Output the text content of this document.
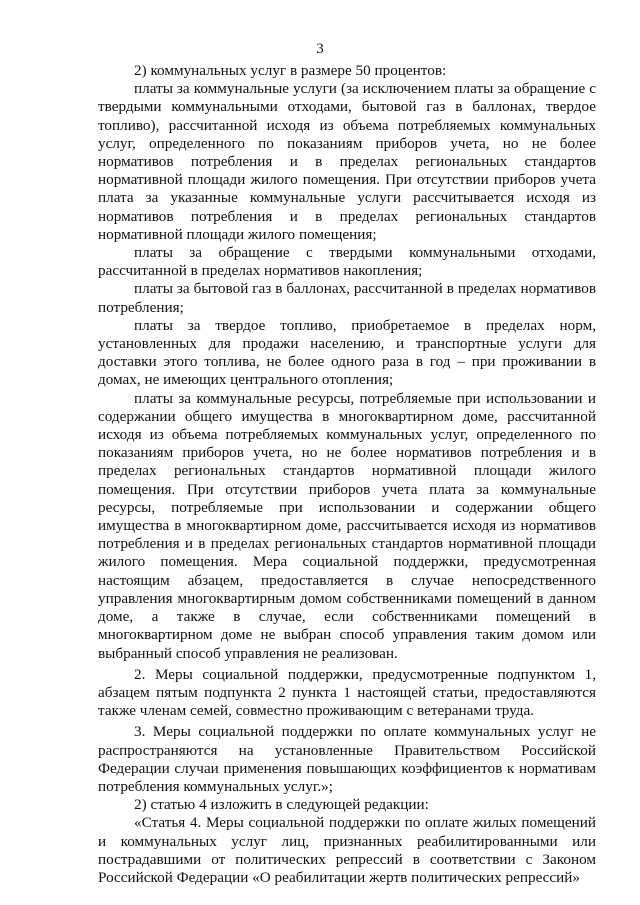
3

2) коммунальных услуг в размере 50 процентов:

платы за коммунальные услуги (за исключением платы за обращение с твердыми коммунальными отходами, бытовой газ в баллонах, твердое топливо), рассчитанной исходя из объема потребляемых коммунальных услуг, определенного по показаниям приборов учета, но не более нормативов потребления и в пределах региональных стандартов нормативной площади жилого помещения. При отсутствии приборов учета плата за указанные коммунальные услуги рассчитывается исходя из нормативов потребления и в пределах региональных стандартов нормативной площади жилого помещения;

платы за обращение с твердыми коммунальными отходами, рассчитанной в пределах нормативов накопления;

платы за бытовой газ в баллонах, рассчитанной в пределах нормативов потребления;

платы за твердое топливо, приобретаемое в пределах норм, установленных для продажи населению, и транспортные услуги для доставки этого топлива, не более одного раза в год – при проживании в домах, не имеющих центрального отопления;

платы за коммунальные ресурсы, потребляемые при использовании и содержании общего имущества в многоквартирном доме, рассчитанной исходя из объема потребляемых коммунальных услуг, определенного по показаниям приборов учета, но не более нормативов потребления и в пределах региональных стандартов нормативной площади жилого помещения. При отсутствии приборов учета плата за коммунальные ресурсы, потребляемые при использовании и содержании общего имущества в многоквартирном доме, рассчитывается исходя из нормативов потребления и в пределах региональных стандартов нормативной площади жилого помещения. Мера социальной поддержки, предусмотренная настоящим абзацем, предоставляется в случае непосредственного управления многоквартирным домом собственниками помещений в данном доме, а также в случае, если собственниками помещений в многоквартирном доме не выбран способ управления таким домом или выбранный способ управления не реализован.

2. Меры социальной поддержки, предусмотренные подпунктом 1, абзацем пятым подпункта 2 пункта 1 настоящей статьи, предоставляются также членам семей, совместно проживающим с ветеранами труда.

3. Меры социальной поддержки по оплате коммунальных услуг не распространяются на установленные Правительством Российской Федерации случаи применения повышающих коэффициентов к нормативам потребления коммунальных услуг.»;

2) статью 4 изложить в следующей редакции:

«Статья 4. Меры социальной поддержки по оплате жилых помещений и коммунальных услуг лиц, признанных реабилитированными или пострадавшими от политических репрессий в соответствии с Законом Российской Федерации «О реабилитации жертв политических репрессий»
